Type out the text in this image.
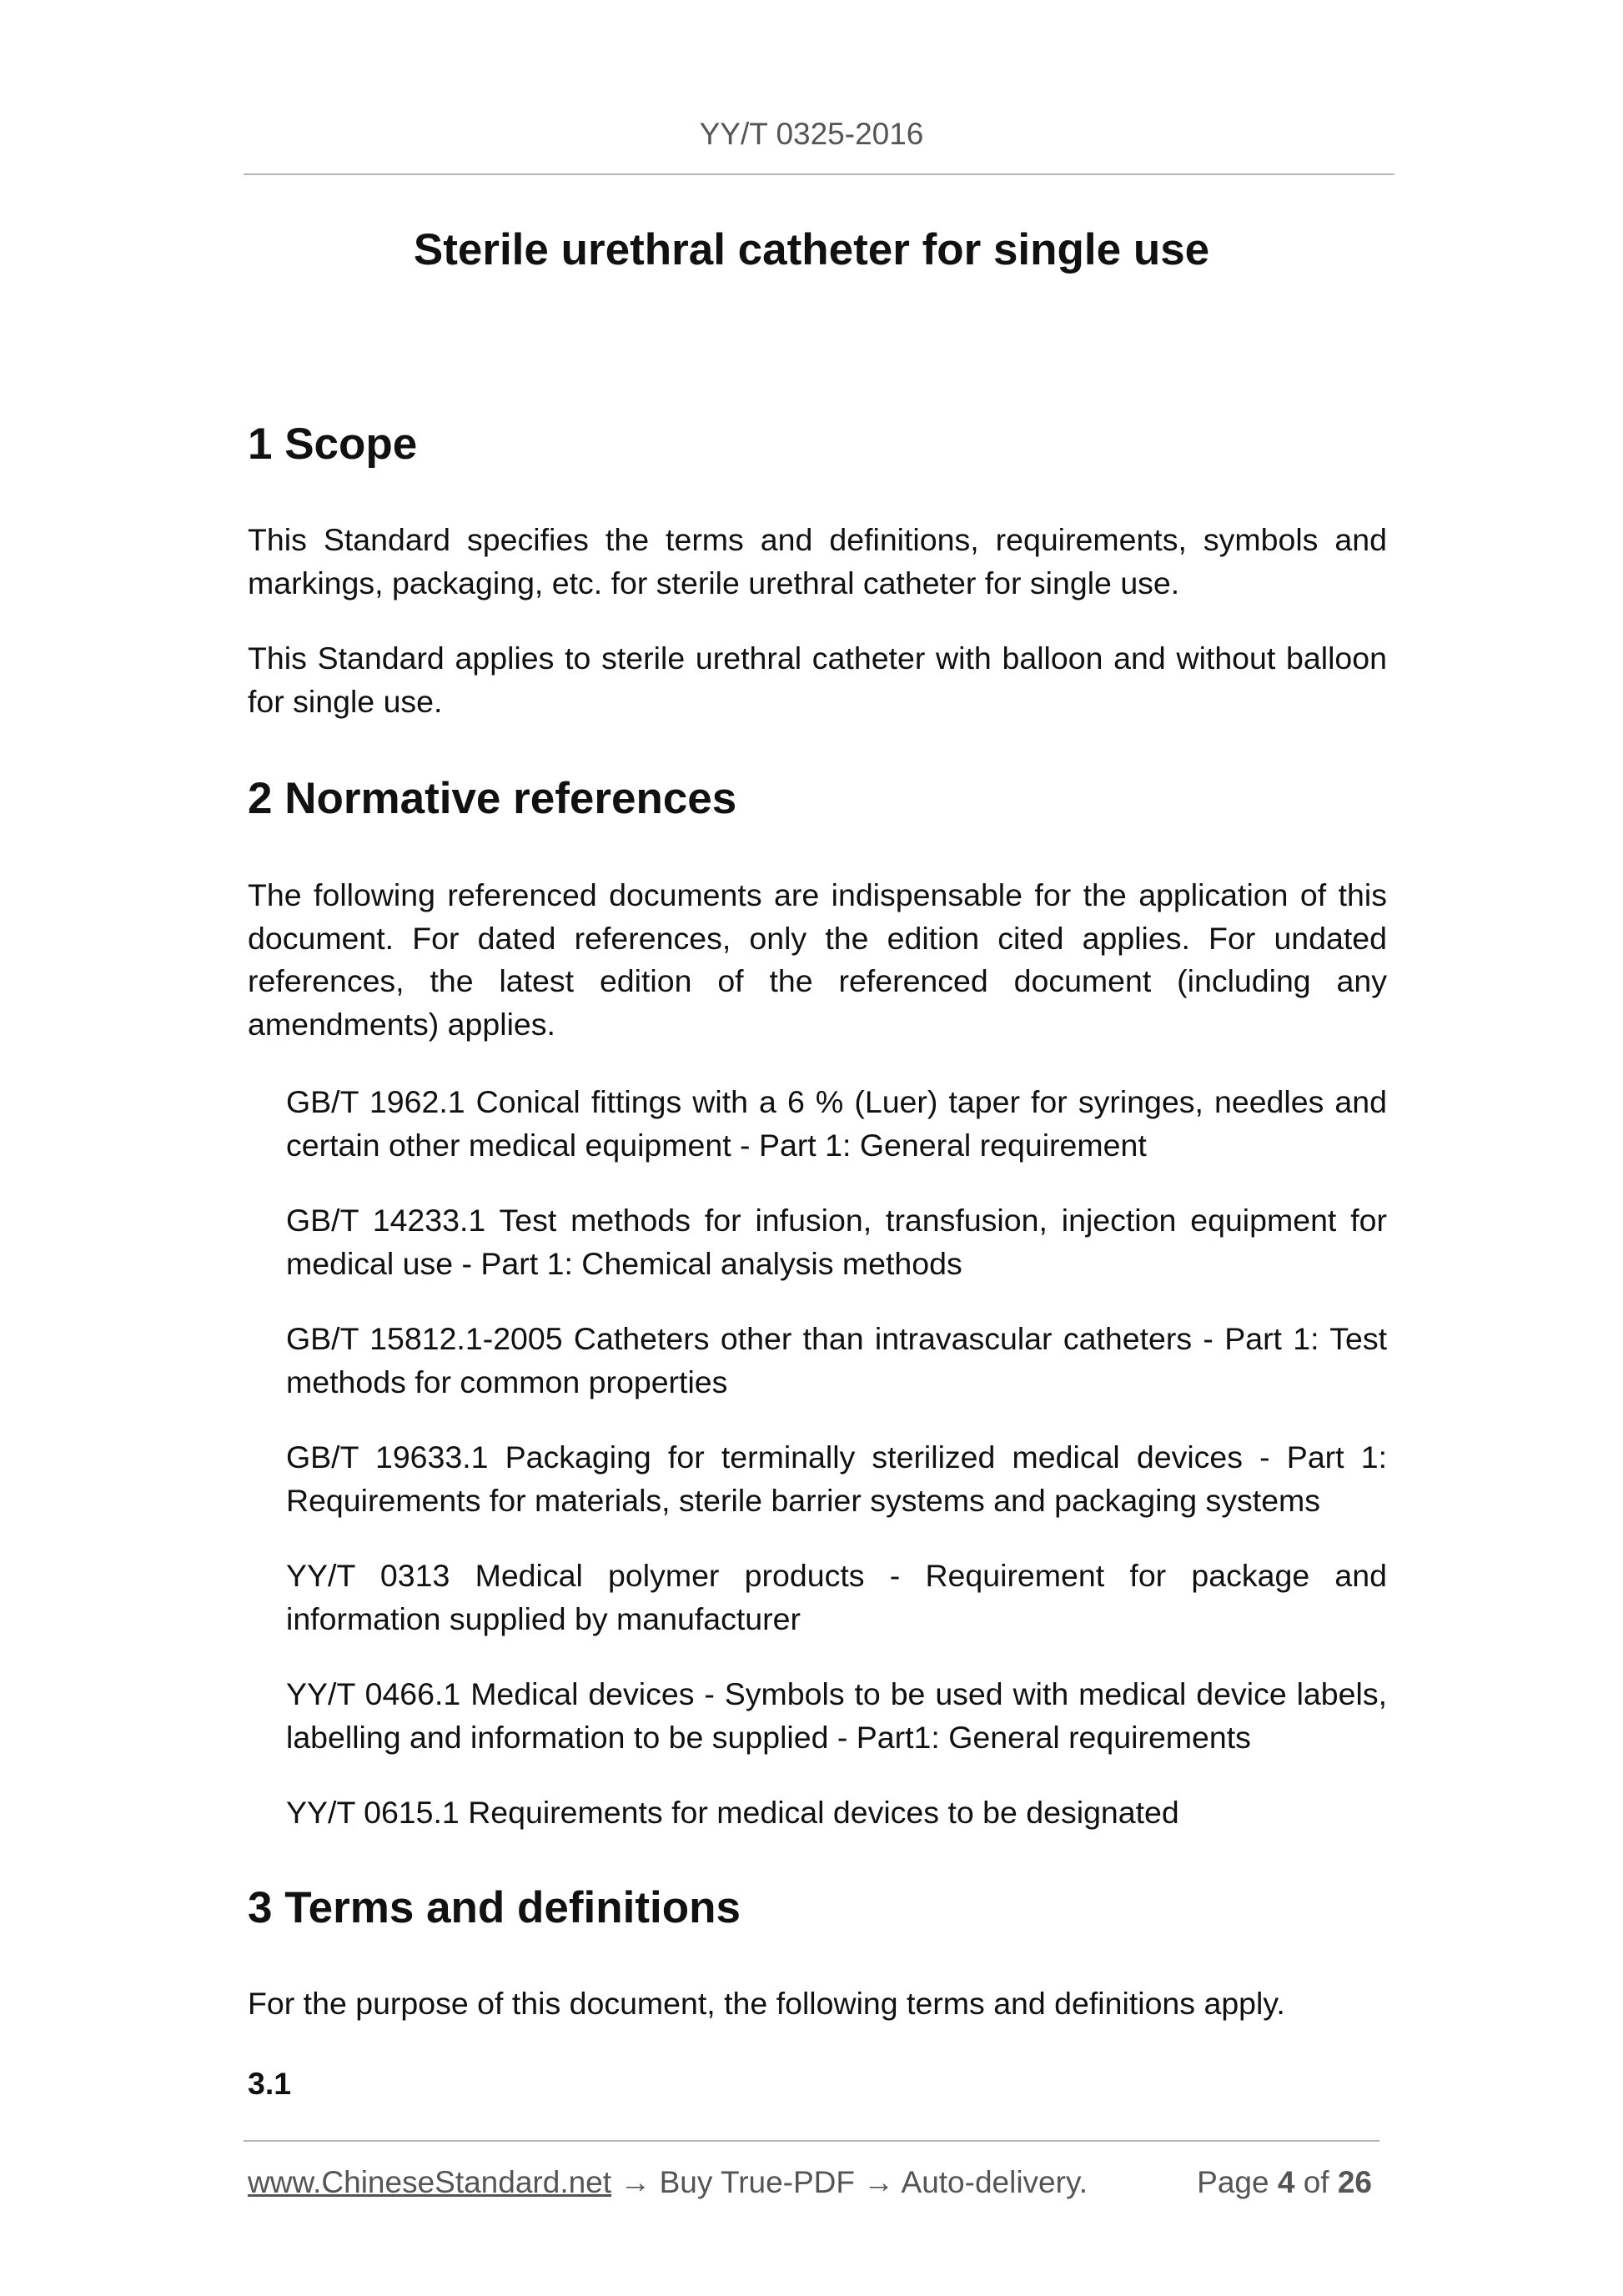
YY/T 0325-2016
Sterile urethral catheter for single use
1 Scope

This Standard specifies the terms and definitions, requirements, symbols and markings, packaging, etc. for sterile urethral catheter for single use.

This Standard applies to sterile urethral catheter with balloon and without balloon for single use.

2 Normative references

The following referenced documents are indispensable for the application of this document. For dated references, only the edition cited applies. For undated references, the latest edition of the referenced document (including any amendments) applies.

GB/T 1962.1 Conical fittings with a 6 % (Luer) taper for syringes, needles and certain other medical equipment - Part 1: General requirement

GB/T 14233.1 Test methods for infusion, transfusion, injection equipment for medical use - Part 1: Chemical analysis methods

GB/T 15812.1-2005 Catheters other than intravascular catheters - Part 1: Test methods for common properties

GB/T 19633.1 Packaging for terminally sterilized medical devices - Part 1: Requirements for materials, sterile barrier systems and packaging systems

YY/T 0313 Medical polymer products - Requirement for package and information supplied by manufacturer

YY/T 0466.1 Medical devices - Symbols to be used with medical device labels, labelling and information to be supplied - Part1: General requirements

YY/T 0615.1 Requirements for medical devices to be designated

3 Terms and definitions

For the purpose of this document, the following terms and definitions apply.

3.1
www.ChineseStandard.net → Buy True-PDF → Auto-delivery.	Page 4 of 26
